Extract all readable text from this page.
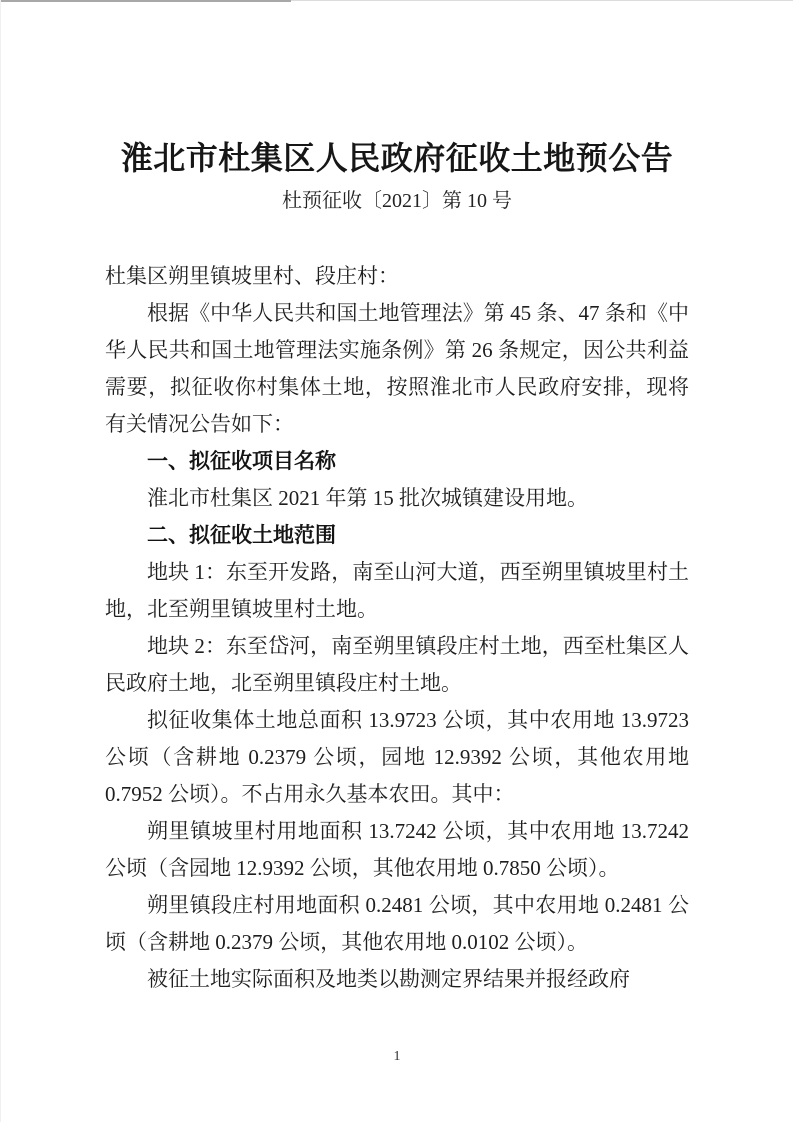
淮北市杜集区人民政府征收土地预公告
杜预征收〔2021〕第 10 号

杜集区朔里镇坡里村、段庄村：

根据《中华人民共和国土地管理法》第 45 条、47 条和《中华人民共和国土地管理法实施条例》第 26 条规定，因公共利益需要，拟征收你村集体土地，按照淮北市人民政府安排，现将有关情况公告如下：

一、拟征收项目名称

淮北市杜集区 2021 年第 15 批次城镇建设用地。

二、拟征收土地范围

地块 1：东至开发路，南至山河大道，西至朔里镇坡里村土地，北至朔里镇坡里村土地。

地块 2：东至岱河，南至朔里镇段庄村土地，西至杜集区人民政府土地，北至朔里镇段庄村土地。

拟征收集体土地总面积 13.9723 公顷，其中农用地 13.9723 公顷（含耕地 0.2379 公顷，园地 12.9392 公顷，其他农用地 0.7952 公顷）。不占用永久基本农田。其中：

朔里镇坡里村用地面积 13.7242 公顷，其中农用地 13.7242 公顷（含园地 12.9392 公顷，其他农用地 0.7850 公顷）。

朔里镇段庄村用地面积 0.2481 公顷，其中农用地 0.2481 公顷（含耕地 0.2379 公顷，其他农用地 0.0102 公顷）。

被征土地实际面积及地类以勘测定界结果并报经政府

1
